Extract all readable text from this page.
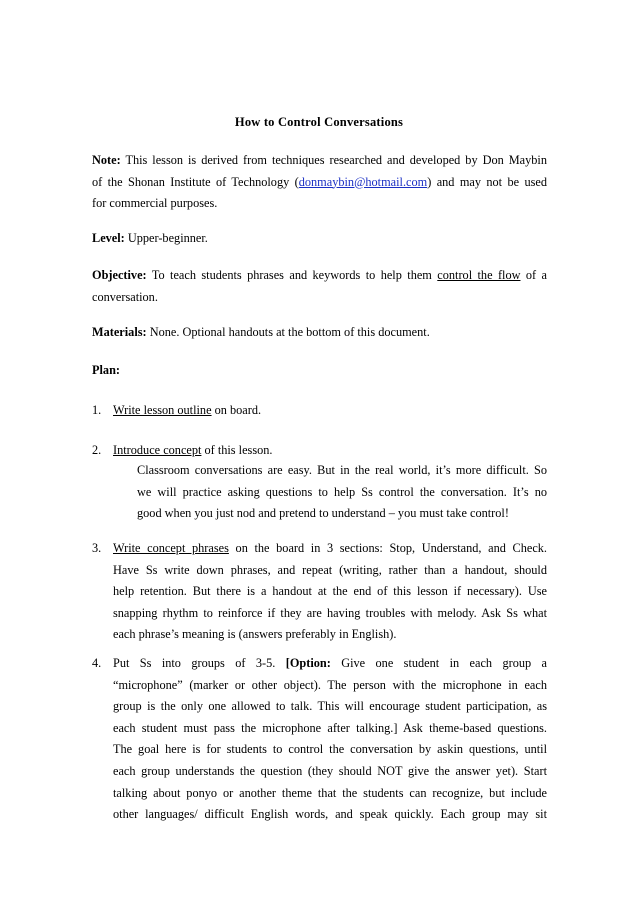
How to Control Conversations
Note: This lesson is derived from techniques researched and developed by Don Maybin
of the Shonan Institute of Technology (donmaybin@hotmail.com) and may not be used
for commercial purposes.
Level: Upper-beginner.
Objective: To teach students phrases and keywords to help them control the flow of a
conversation.
Materials: None. Optional handouts at the bottom of this document.
Plan:
1. Write lesson outline on board.
2. Introduce concept of this lesson.
Classroom conversations are easy. But in the real world, it’s more difficult. So
we will practice asking questions to help Ss control the conversation. It’s no
good when you just nod and pretend to understand – you must take control!
3. Write concept phrases on the board in 3 sections: Stop, Understand, and Check.
Have Ss write down phrases, and repeat (writing, rather than a handout, should
help retention. But there is a handout at the end of this lesson if necessary). Use
snapping rhythm to reinforce if they are having troubles with melody. Ask Ss what
each phrase’s meaning is (answers preferably in English).
4. Put Ss into groups of 3-5. [Option: Give one student in each group a
“microphone” (marker or other object). The person with the microphone in each
group is the only one allowed to talk. This will encourage student participation, as
each student must pass the microphone after talking.] Ask theme-based questions.
The goal here is for students to control the conversation by askin questions, until
each group understands the question (they should NOT give the answer yet). Start
talking about ponyo or another theme that the students can recognize, but include
other languages/ difficult English words, and speak quickly. Each group may sit
